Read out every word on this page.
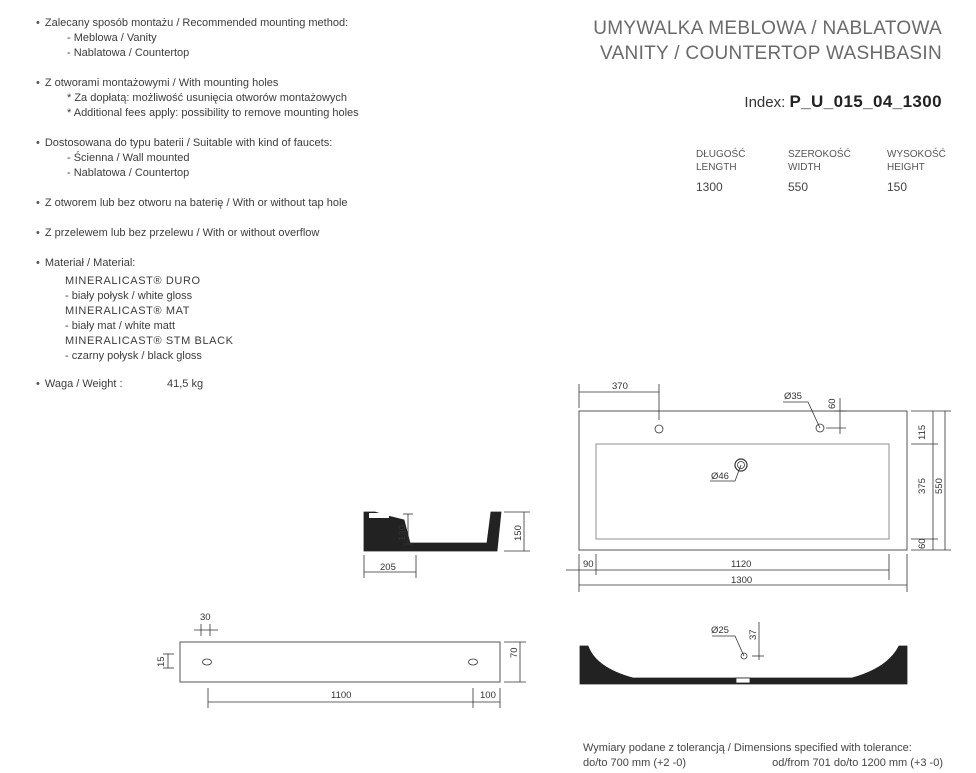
• Zalecany sposób montażu / Recommended mounting method:
- Meblowa / Vanity
- Nablatowa / Countertop
• Z otworami montażowymi / With mounting holes
* Za dopłatą: możliwość usunięcia otworów montażowych
* Additional fees apply: possibility to remove mounting holes
• Dostosowana do typu baterii / Suitable with kind of faucets:
- Ścienna / Wall mounted
- Nablatowa / Countertop
• Z otworem lub bez otworu na baterię / With or without tap hole
• Z przelewem lub bez przelewu / With or without overflow
• Materiał / Material:
MINERALICAST® DURO
- biały połysk / white gloss
MINERALICAST® MAT
- biały mat / white matt
MINERALICAST® STM BLACK
- czarny połysk / black gloss
• Waga / Weight :	41,5 kg
UMYWALKA MEBLOWA / NABLATOWA
VANITY / COUNTERTOP WASHBASIN
Index: P_U_015_04_1300
DŁUGOŚĆ
LENGTH
1300
SZEROKOŚĆ
WIDTH
550
WYSOKOŚĆ
HEIGHT
150
370
Ø35
60
Ø46
115
375 550
60
90	1120
1300
130	150
205
30
15
70
1100	100
Ø25 37
Wymiary podane z tolerancją / Dimensions specified with tolerance:
do/to 700 mm (+2 -0)	od/from 701 do/to 1200 mm (+3 -0)
